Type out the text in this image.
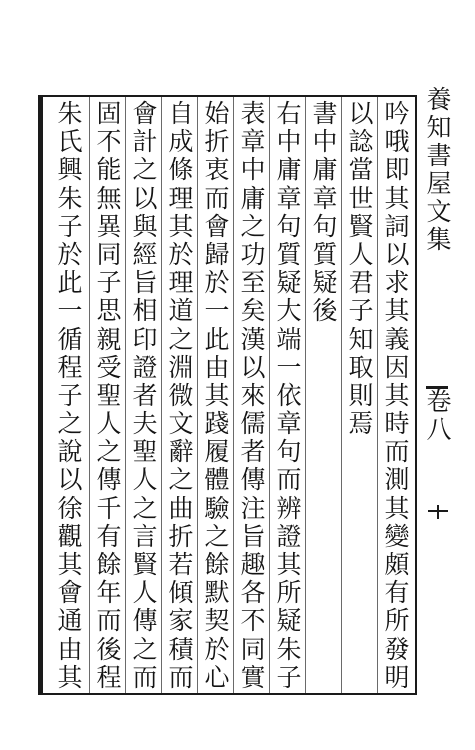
吟
哦
即
其
詞
以
求
其
義
因
其
時
而
測
其
變
頗
有
所
發
明
以
諗
當
世
賢
人
君
子
知
取
則
焉
書
中
庸
章
句
質
疑
後
右
中
庸
章
句
質
疑
大
端
一
依
章
句
而
辨
證
其
所
疑
朱
子
表
章
中
庸
之
功
至
矣
漢
以
來
儒
者
傳
注
旨
趣
各
不
同
實
始
折
衷
而
會
歸
於
一
此
由
其
踐
履
體
驗
之
餘
默
契
於
心
自
成
條
理
其
於
理
道
之
淵
微
文
辭
之
曲
折
若
傾
家
積
而
會
計
之
以
與
經
旨
相
印
證
者
夫
聖
人
之
言
賢
人
傳
之
而
固
不
能
無
異
同
子
思
親
受
聖
人
之
傳
千
有
餘
年
而
後
程
朱
氏
興
朱
子
於
此
一
循
程
子
之
說
以
徐
觀
其
會
通
由
其
養
知
書
屋
文
集
卷
八
